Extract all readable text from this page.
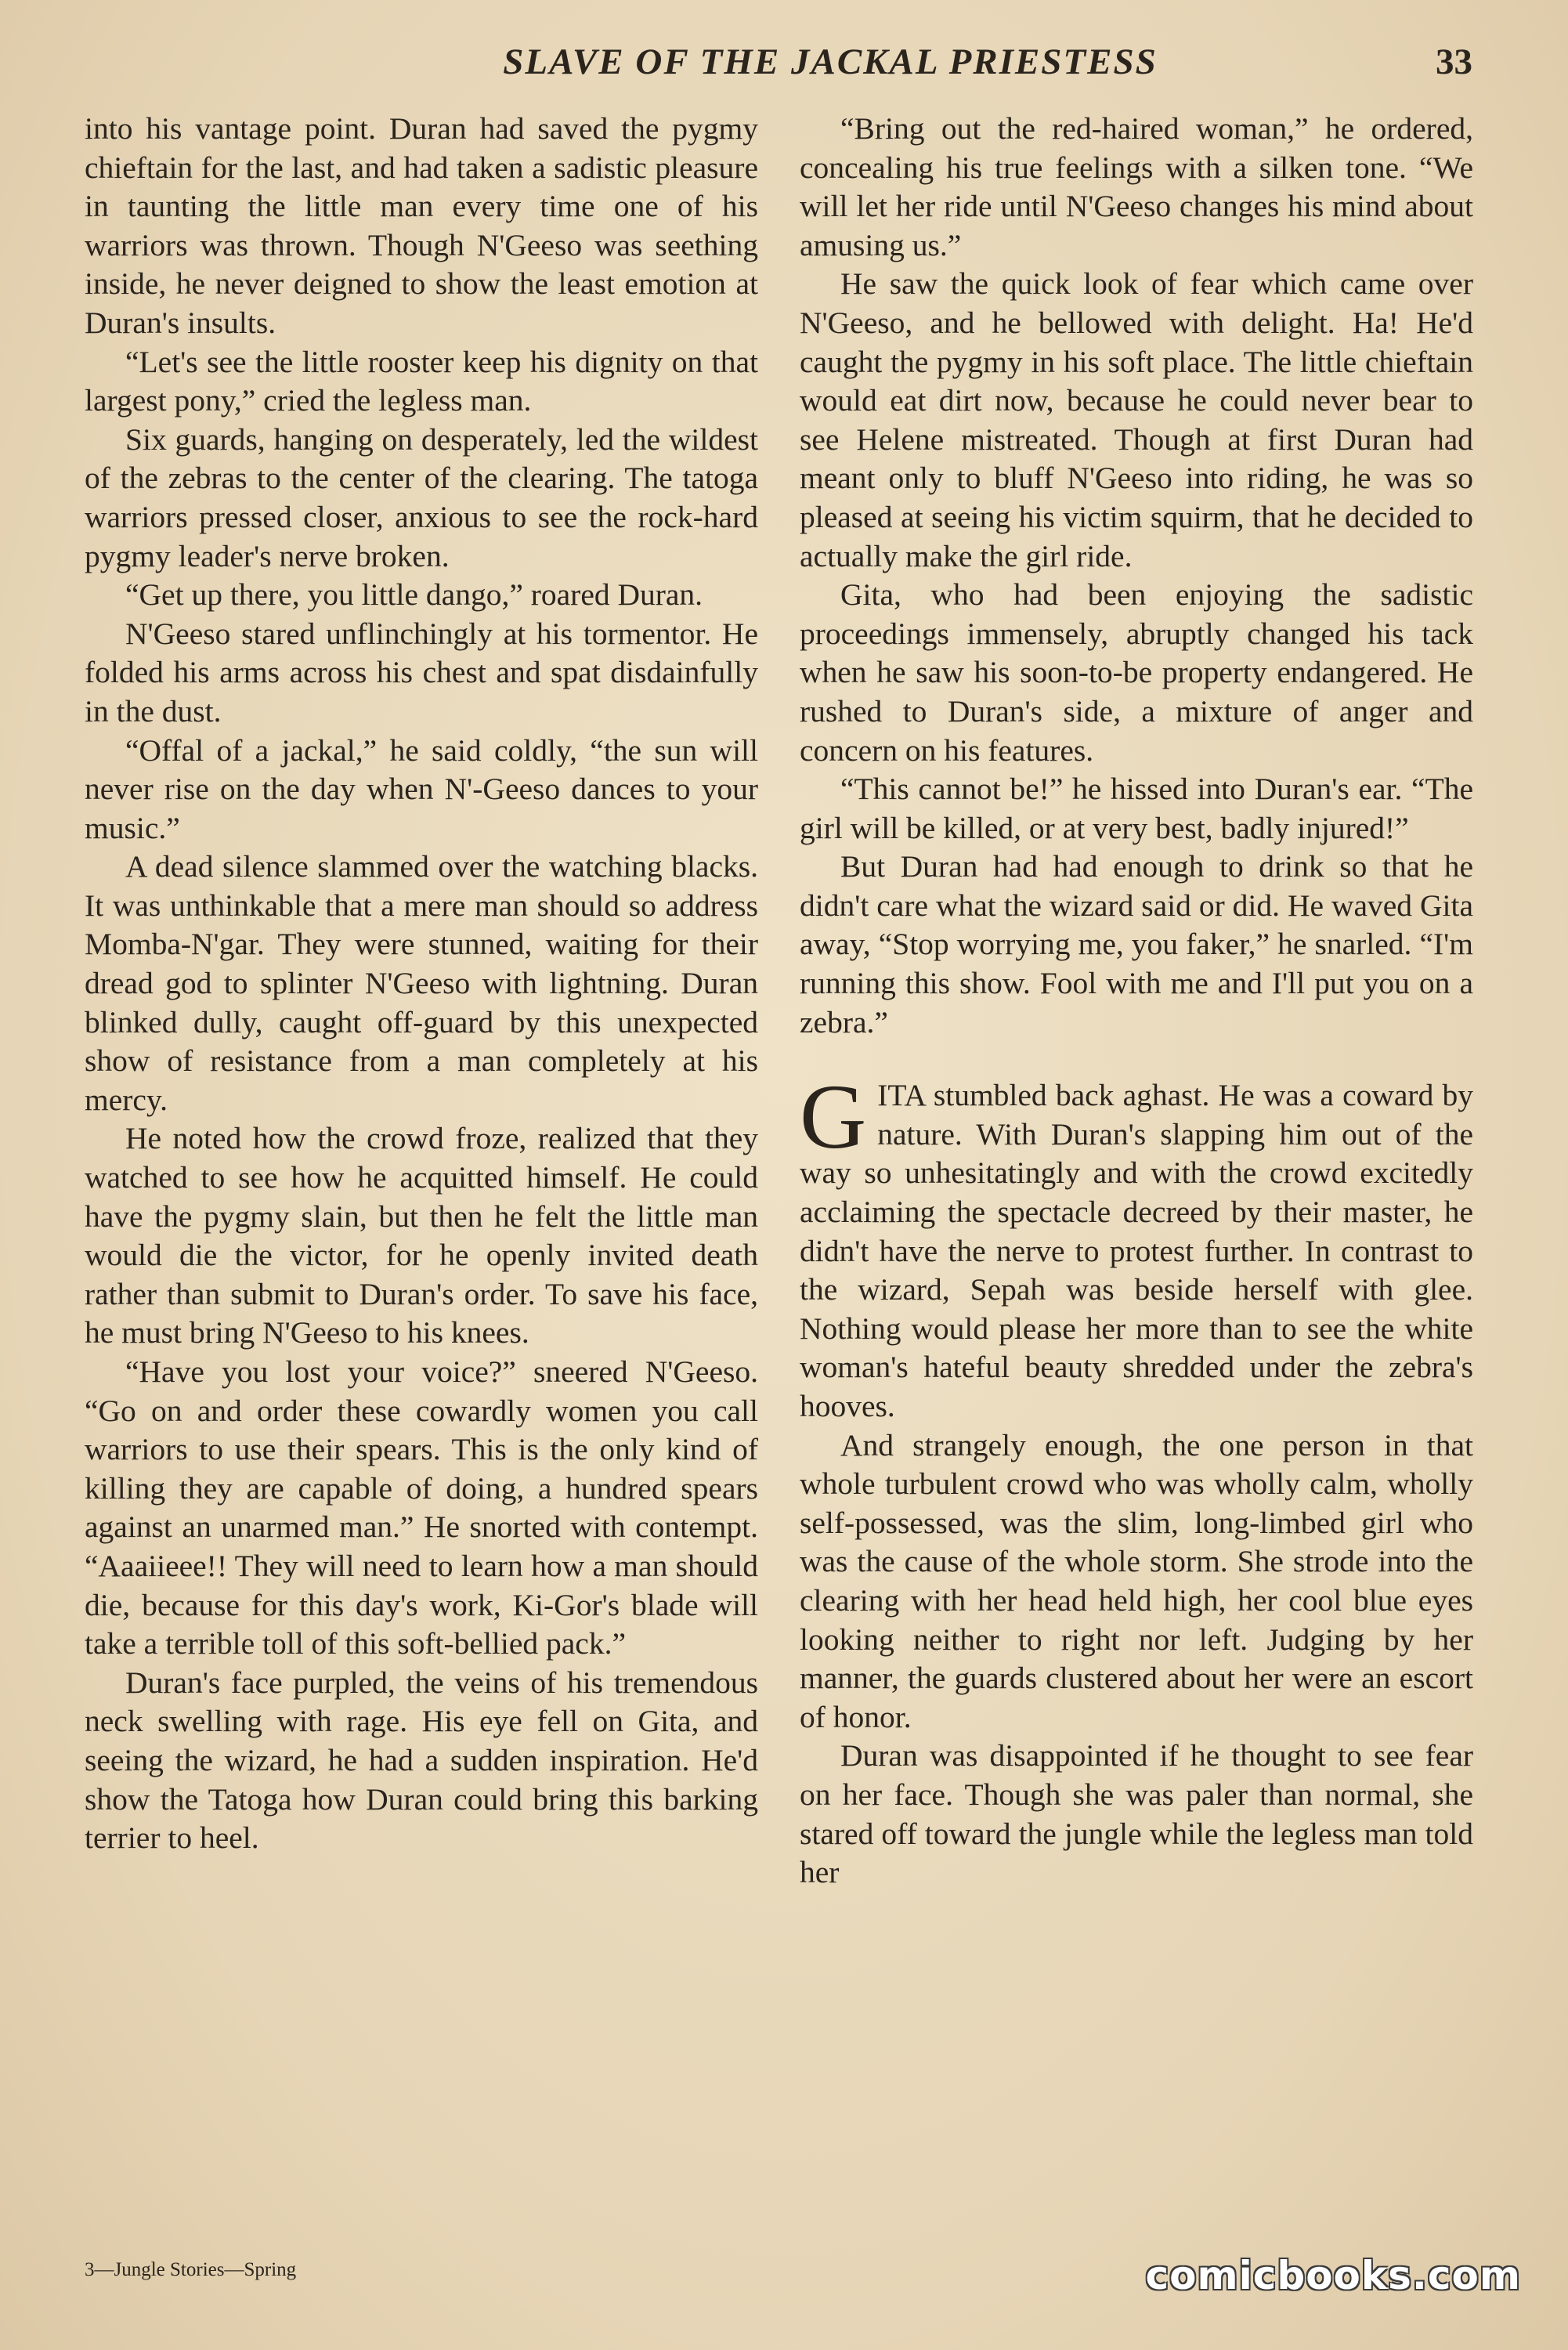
SLAVE OF THE JACKAL PRIESTESS	33

into his vantage point. Duran had saved the pygmy chieftain for the last, and had taken a sadistic pleasure in taunting the little man every time one of his warriors was thrown. Though N'Geeso was seething inside, he never deigned to show the least emotion at Duran's insults.

“Let's see the little rooster keep his dignity on that largest pony,” cried the legless man.

Six guards, hanging on desperately, led the wildest of the zebras to the center of the clearing. The tatoga warriors pressed closer, anxious to see the rock-hard pygmy leader's nerve broken.

“Get up there, you little dango,” roared Duran.

N'Geeso stared unflinchingly at his tormentor. He folded his arms across his chest and spat disdainfully in the dust.

“Offal of a jackal,” he said coldly, “the sun will never rise on the day when N'-Geeso dances to your music.”

A dead silence slammed over the watching blacks. It was unthinkable that a mere man should so address Momba-N'gar. They were stunned, waiting for their dread god to splinter N'Geeso with lightning. Duran blinked dully, caught off-guard by this unexpected show of resistance from a man completely at his mercy.

He noted how the crowd froze, realized that they watched to see how he acquitted himself. He could have the pygmy slain, but then he felt the little man would die the victor, for he openly invited death rather than submit to Duran's order. To save his face, he must bring N'Geeso to his knees.

“Have you lost your voice?” sneered N'Geeso. “Go on and order these cowardly women you call warriors to use their spears. This is the only kind of killing they are capable of doing, a hundred spears against an unarmed man.” He snorted with contempt. “Aaaiieee!! They will need to learn how a man should die, because for this day's work, Ki-Gor's blade will take a terrible toll of this soft-bellied pack.”

Duran's face purpled, the veins of his tremendous neck swelling with rage. His eye fell on Gita, and seeing the wizard, he had a sudden inspiration. He'd show the Tatoga how Duran could bring this barking terrier to heel.

“Bring out the red-haired woman,” he ordered, concealing his true feelings with a silken tone. “We will let her ride until N'Geeso changes his mind about amusing us.”

He saw the quick look of fear which came over N'Geeso, and he bellowed with delight. Ha! He'd caught the pygmy in his soft place. The little chieftain would eat dirt now, because he could never bear to see Helene mistreated. Though at first Duran had meant only to bluff N'Geeso into riding, he was so pleased at seeing his victim squirm, that he decided to actually make the girl ride.

Gita, who had been enjoying the sadistic proceedings immensely, abruptly changed his tack when he saw his soon-to-be property endangered. He rushed to Duran's side, a mixture of anger and concern on his features.

“This cannot be!” he hissed into Duran's ear. “The girl will be killed, or at very best, badly injured!”

But Duran had had enough to drink so that he didn't care what the wizard said or did. He waved Gita away, “Stop worrying me, you faker,” he snarled. “I'm running this show. Fool with me and I'll put you on a zebra.”

GITA stumbled back aghast. He was a coward by nature. With Duran's slapping him out of the way so unhesitatingly and with the crowd excitedly acclaiming the spectacle decreed by their master, he didn't have the nerve to protest further. In contrast to the wizard, Sepah was beside herself with glee. Nothing would please her more than to see the white woman's hateful beauty shredded under the zebra's hooves.

And strangely enough, the one person in that whole turbulent crowd who was wholly calm, wholly self-possessed, was the slim, long-limbed girl who was the cause of the whole storm. She strode into the clearing with her head held high, her cool blue eyes looking neither to right nor left. Judging by her manner, the guards clustered about her were an escort of honor.

Duran was disappointed if he thought to see fear on her face. Though she was paler than normal, she stared off toward the jungle while the legless man told her

3—Jungle Stories—Spring	comicbooks.com
